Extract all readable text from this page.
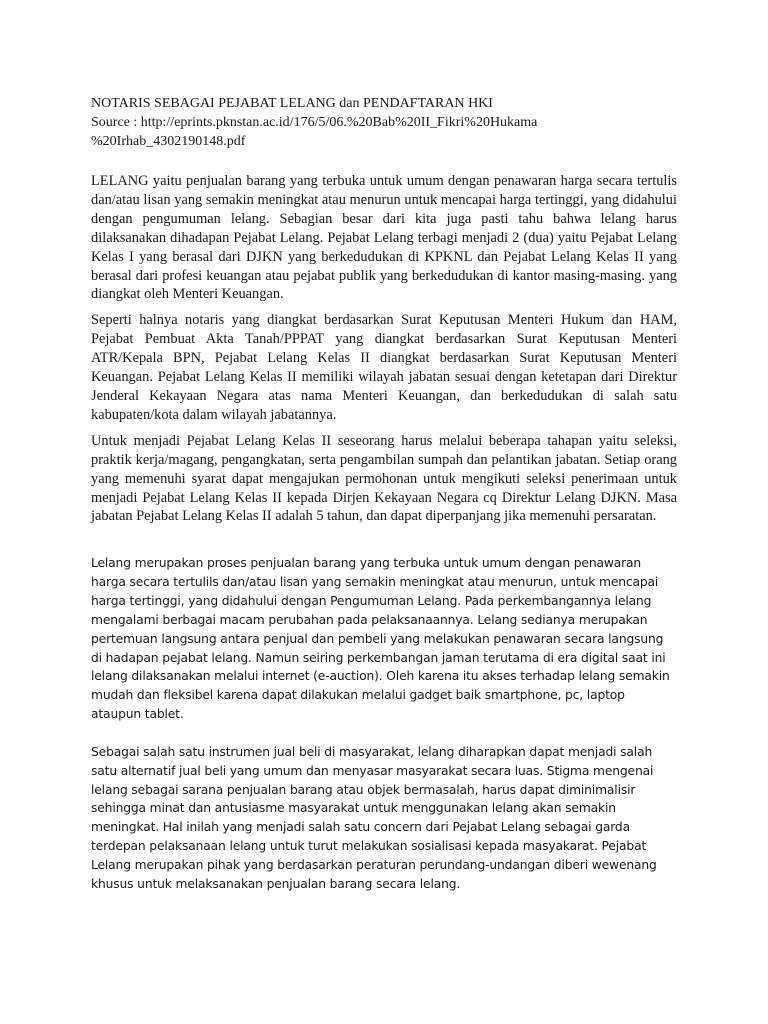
NOTARIS SEBAGAI PEJABAT LELANG dan PENDAFTARAN HKI
Source : http://eprints.pknstan.ac.id/176/5/06.%20Bab%20II_Fikri%20Hukama
%20Irhab_4302190148.pdf

LELANG yaitu penjualan barang yang terbuka untuk umum dengan penawaran harga secara tertulis dan/atau lisan yang semakin meningkat atau menurun untuk mencapai harga tertinggi, yang didahului dengan pengumuman lelang. Sebagian besar dari kita juga pasti tahu bahwa lelang harus dilaksanakan dihadapan Pejabat Lelang. Pejabat Lelang terbagi menjadi 2 (dua) yaitu Pejabat Lelang Kelas I yang berasal dari DJKN yang berkedudukan di KPKNL dan Pejabat Lelang Kelas II yang berasal dari profesi keuangan atau pejabat publik yang berkedudukan di kantor masing-masing. yang diangkat oleh Menteri Keuangan.

Seperti halnya notaris yang diangkat berdasarkan Surat Keputusan Menteri Hukum dan HAM, Pejabat Pembuat Akta Tanah/PPPAT yang diangkat berdasarkan Surat Keputusan Menteri ATR/Kepala BPN, Pejabat Lelang Kelas II diangkat berdasarkan Surat Keputusan Menteri Keuangan. Pejabat Lelang Kelas II memiliki wilayah jabatan sesuai dengan ketetapan dari Direktur Jenderal Kekayaan Negara atas nama Menteri Keuangan, dan berkedudukan di salah satu kabupaten/kota dalam wilayah jabatannya.

Untuk menjadi Pejabat Lelang Kelas II seseorang harus melalui beberapa tahapan yaitu seleksi, praktik kerja/magang, pengangkatan, serta pengambilan sumpah dan pelantikan jabatan. Setiap orang yang memenuhi syarat dapat mengajukan permohonan untuk mengikuti seleksi penerimaan untuk menjadi Pejabat Lelang Kelas II kepada Dirjen Kekayaan Negara cq Direktur Lelang DJKN. Masa jabatan Pejabat Lelang Kelas II adalah 5 tahun, dan dapat diperpanjang jika memenuhi persaratan.

Lelang merupakan proses penjualan barang yang terbuka untuk umum dengan penawaran harga secara tertulils dan/atau lisan yang semakin meningkat atau menurun, untuk mencapai harga tertinggi, yang didahului dengan Pengumuman Lelang. Pada perkembangannya lelang mengalami berbagai macam perubahan pada pelaksanaannya. Lelang sedianya merupakan pertemuan langsung antara penjual dan pembeli yang melakukan penawaran secara langsung di hadapan pejabat lelang. Namun seiring perkembangan jaman terutama di era digital saat ini lelang dilaksanakan melalui internet (e-auction). Oleh karena itu akses terhadap lelang semakin mudah dan fleksibel karena dapat dilakukan melalui gadget baik smartphone, pc, laptop ataupun tablet.

Sebagai salah satu instrumen jual beli di masyarakat, lelang diharapkan dapat menjadi salah satu alternatif jual beli yang umum dan menyasar masyarakat secara luas. Stigma mengenai lelang sebagai sarana penjualan barang atau objek bermasalah, harus dapat diminimalisir sehingga minat dan antusiasme masyarakat untuk menggunakan lelang akan semakin meningkat. Hal inilah yang menjadi salah satu concern dari Pejabat Lelang sebagai garda terdepan pelaksanaan lelang untuk turut melakukan sosialisasi kepada masyakarat. Pejabat Lelang merupakan pihak yang berdasarkan peraturan perundang-undangan diberi wewenang khusus untuk melaksanakan penjualan barang secara lelang.
